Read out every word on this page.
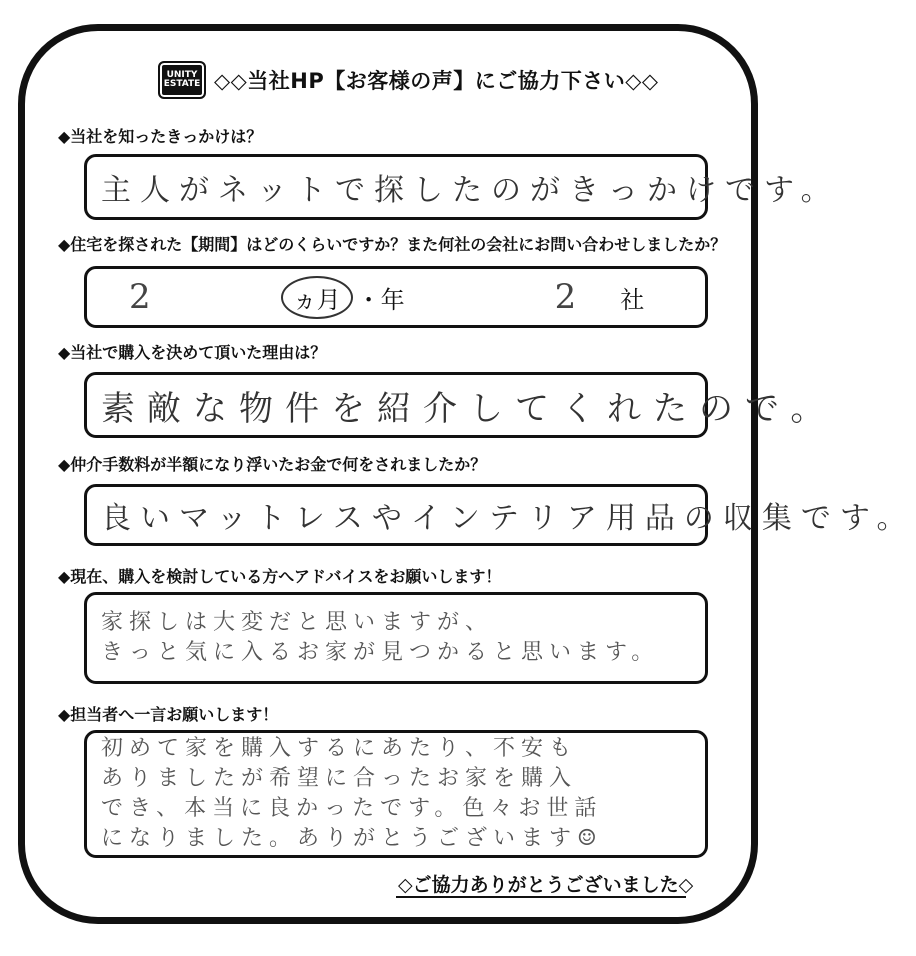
UNITY
ESTATE ◇◇当社HP【お客様の声】にご協力下さい◇◇
◆当社を知ったきっかけは？
主人がネットで探したのがきっかけです。
◆住宅を探された【期間】はどのくらいですか？また何社の会社にお問い合わせしましたか？
2	ヵ月 ・年	2 社
◆当社で購入を決めて頂いた理由は？
素敵な物件を紹介してくれたので。
◆仲介手数料が半額になり浮いたお金で何をされましたか？
良いマットレスやインテリア用品の収集です。
◆現在、購入を検討している方へアドバイスをお願いします！
家探しは大変だと思いますが、
きっと気に入るお家が見つかると思います。
◆担当者へ一言お願いします！
初めて家を購入するにあたり、不安も
ありましたが希望に合ったお家を購入
でき、本当に良かったです。色々お世話
になりました。ありがとうございます☺
◇ご協力ありがとうございました◇
